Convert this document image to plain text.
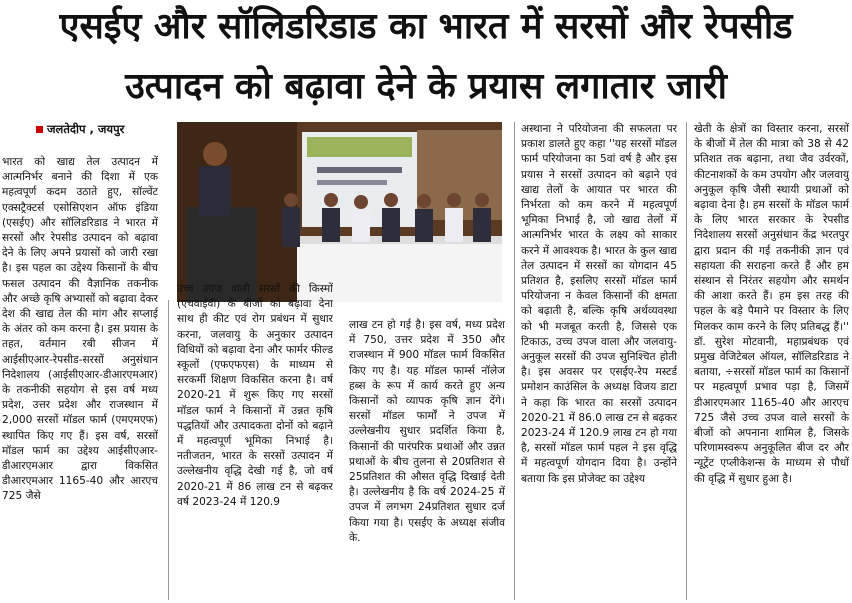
एसईए और सॉलिडरिडाड का भारत में सरसों और रेपसीड
उत्पादन को बढ़ावा देने के प्रयास लगातार जारी
जलतेदीप , जयपुर

भारत को खाद्य तेल उत्पादन में आत्मनिर्भर बनाने की दिशा में एक महत्वपूर्ण कदम उठाते हुए, सॉल्वेंट एक्सट्रैक्टर्स एसोसिएशन ऑफ इंडिया (एसईए) और सॉलिडरिडाड ने भारत में सरसों और रेपसीड उत्पादन को बढ़ावा देने के लिए अपने प्रयासों को जारी रखा है। इस पहल का उद्देश्य किसानों के बीच फसल उत्पादन की वैज्ञानिक तकनीक और अच्छे कृषि अभ्यासों को बढ़ावा देकर देश की खाद्य तेल की मांग और सप्लाई के अंतर को कम करना है। इस प्रयास के तहत, वर्तमान रबी सीजन में आईसीएआर-रेपसीड-सरसों अनुसंधान निदेशालय (आईसीएआर-डीआरएमआर) के तकनीकी सहयोग से इस वर्ष मध्य प्रदेश, उत्तर प्रदेश और राजस्थान में 2,000 सरसों मॉडल फार्म (एमएमएफ) स्थापित किए गए हैं। इस वर्ष, सरसों मॉडल फार्म का उद्देश्य आईसीएआर-डीआरएमआर द्वारा विकसित डीआरएमआर 1165-40 और आरएच 725 जैसे

उच्च उपज वाली सरसों की किस्मों (एचवाईवी) के बीजों को बढ़ावा देना साथ ही कीट एवं रोग प्रबंधन में सुधार करना, जलवायु के अनुकार उत्पादन विधियों को बढ़ावा देना और फार्मर फील्ड स्कूलों (एफएफएस) के माध्यम से सरकर्मी शिक्षण विकसित करना है। वर्ष 2020-21 में शुरू किए गए सरसों मॉडल फार्म ने किसानों में उन्नत कृषि पद्धतियों और उत्पादकता दोनों को बढ़ाने में महत्वपूर्ण भूमिका निभाई है। नतीजतन, भारत के सरसों उत्पादन में उल्लेखनीय वृद्धि देखी गई है, जो वर्ष 2020-21 में 86 लाख टन से बढ़कर वर्ष 2023-24 में 120.9

लाख टन हो गई है। इस वर्ष, मध्य प्रदेश में 750, उत्तर प्रदेश में 350 और राजस्थान में 900 मॉडल फार्म विकसित किए गए है। यह मॉडल फार्म्स नॉलेज हब्स के रूप में कार्य करते हुए अन्य किसानों को व्यापक कृषि ज्ञान देंगे। सरसों मॉडल फार्मों ने उपज में उल्लेखनीय सुधार प्रदर्शित किया है, किसानों की पारंपरिक प्रथाओं और उन्नत प्रथाओं के बीच तुलना से 20प्रतिशत से 25प्रतिशत की औसत वृद्धि दिखाई देती है। उल्लेखनीय है कि वर्ष 2024-25 में उपज में लगभग 24प्रतिशत सुधार दर्ज किया गया है। एसईए के अध्यक्ष संजीव के.

अस्थाना ने परियोजना की सफलता पर प्रकाश डालते हुए कहा ''यह सरसों मॉडल फार्म परियोजना का 5वां वर्ष है और इस प्रयास ने सरसों उत्पादन को बढ़ाने एवं खाद्य तेलों के आयात पर भारत की निर्भरता को कम करने में महत्वपूर्ण भूमिका निभाई है, जो खाद्य तेलों में आत्मनिर्भर भारत के लक्ष्य को साकार करने में आवश्यक है। भारत के कुल खाद्य तेल उत्पादन में सरसों का योगदान 45 प्रतिशत है, इसलिए सरसों मॉडल फार्म परियोजना न केवल किसानों की क्षमता को बढ़ाती है, बल्कि कृषि अर्थव्यवस्था को भी मजबूत करती है, जिससे एक टिकाऊ, उच्च उपज वाला और जलवायु-अनुकूल सरसों की उपज सुनिश्चित होती है। इस अवसर पर एसईए-रेप मस्टर्ड प्रमोशन काउंसिल के अध्यक्ष विजय डाटा ने कहा कि भारत का सरसों उत्पादन 2020-21 में 86.0 लाख टन से बढ़कर 2023-24 में 120.9 लाख टन हो गया है, सरसों मॉडल फार्म पहल ने इस वृद्धि में महत्वपूर्ण योगदान दिया है। उन्होंने बताया कि इस प्रोजेक्ट का उद्देश्य

खेती के क्षेत्रों का विस्तार करना, सरसों के बीजों में तेल की मात्रा को 38 से 42 प्रतिशत तक बढ़ाना, तथा जैव उर्वरकों, कीटनाशकों के कम उपयोग और जलवायु अनुकूल कृषि जैसी स्थायी प्रथाओं को बढ़ावा देना है। हम सरसों के मॉडल फार्म के लिए भारत सरकार के रेपसीड निदेशालय सरसों अनुसंधान केंद्र भरतपुर द्वारा प्रदान की गई तकनीकी ज्ञान एवं सहायता की सराहना करते हैं और हम संस्थान से निरंतर सहयोग और समर्थन की आशा करते हैं। हम इस तरह की पहल के बड़े पैमाने पर विस्तार के लिए मिलकर काम करने के लिए प्रतिबद्ध हैं।'' डॉ. सुरेश मोटवानी, महाप्रबंधक एवं प्रमुख वेजिटेबल ऑयल, सॉलिडरिडाड ने बताया, ÷सरसों मॉडल फार्म का किसानों पर महत्वपूर्ण प्रभाव पड़ा है, जिसमें डीआरएमआर 1165-40 और आरएच 725 जैसे उच्च उपज वाले सरसों के बीजों को अपनाना शामिल है, जिसके परिणामस्वरूप अनुकूलित बीज दर और न्यूट्रेंट एप्लीकेशन्स के माध्यम से पौधों की वृद्धि में सुधार हुआ है।
